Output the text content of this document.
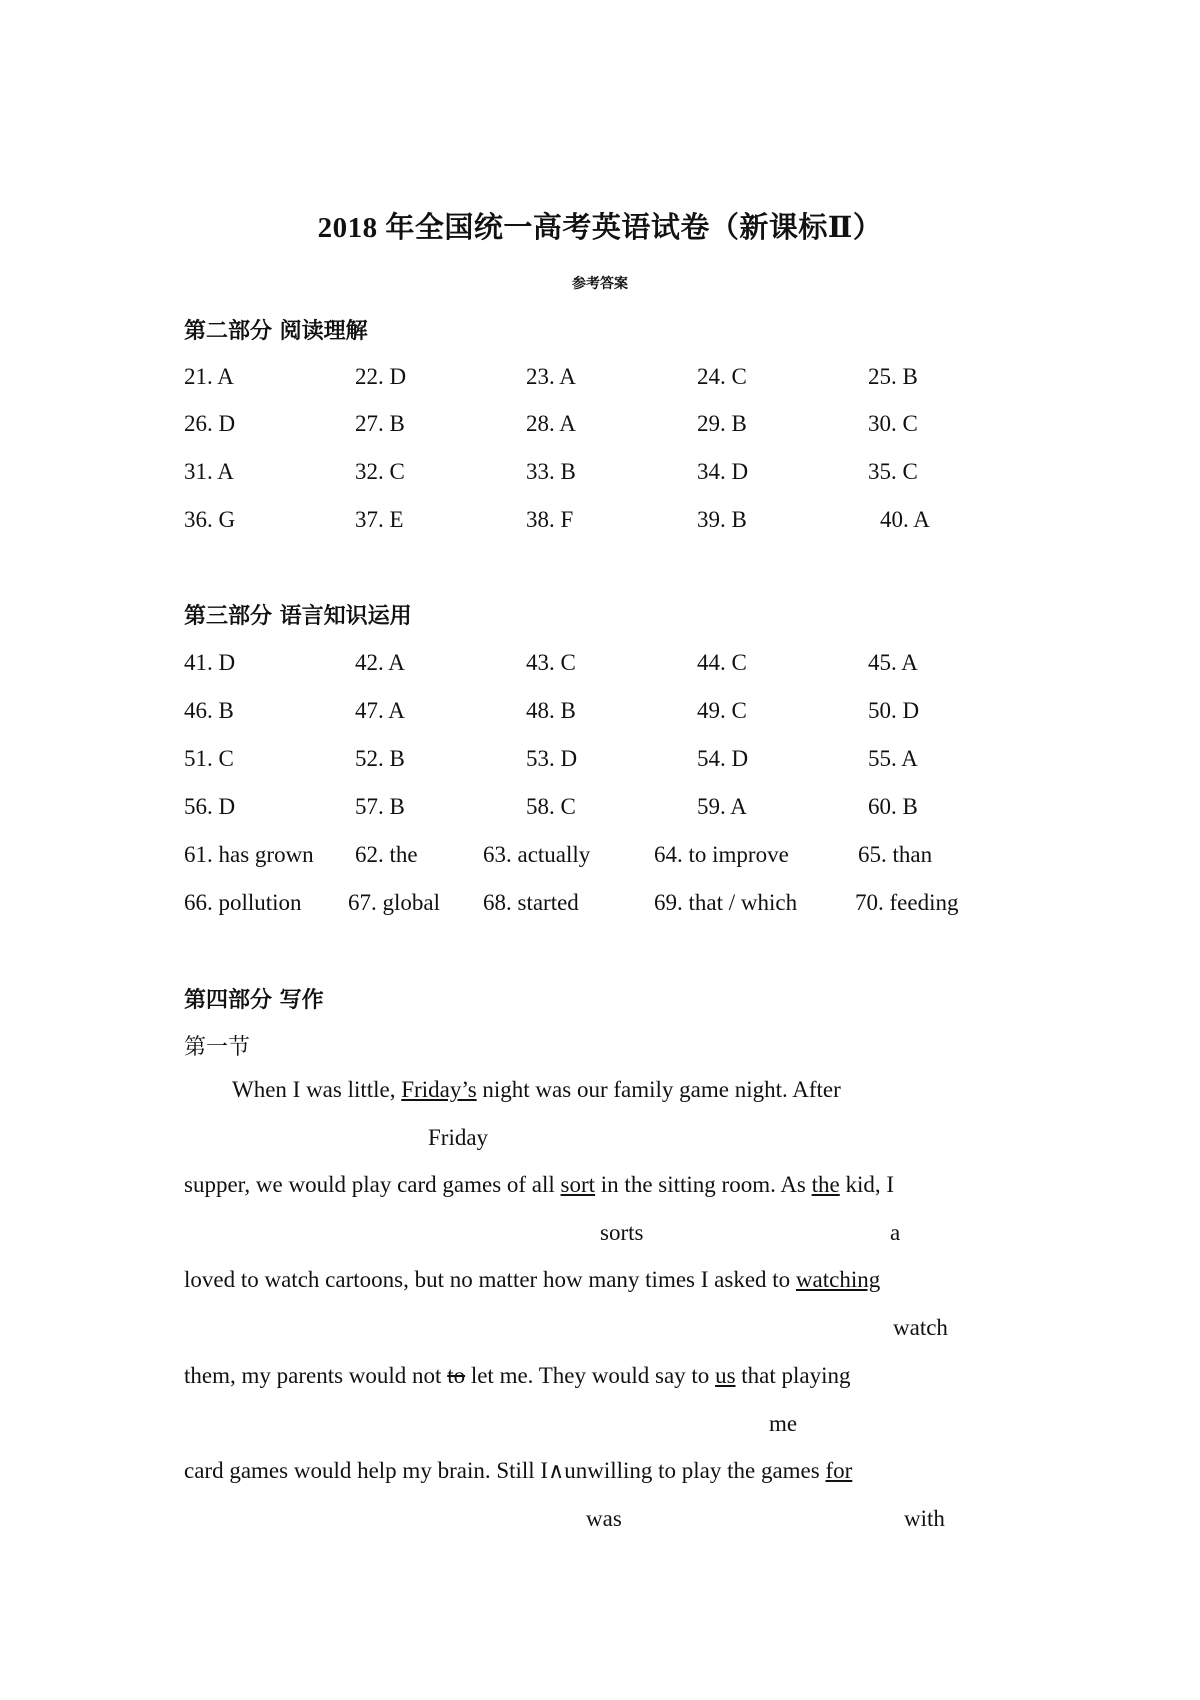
2018 年全国统一高考英语试卷（新课标Ⅱ）
参考答案
第二部分 阅读理解
21. A	22. D	23. A	24. C	25. B
26. D	27. B	28. A	29. B	30. C
31. A	32. C	33. B	34. D	35. C
36. G	37. E	38. F	39. B	40. A
第三部分 语言知识运用
41. D	42. A	43. C	44. C	45. A
46. B	47. A	48. B	49. C	50. D
51. C	52. B	53. D	54. D	55. A
56. D	57. B	58. C	59. A	60. B
61. has grown 62. the	63. actually	64. to improve	65. than
66. pollution 67. global 68. started	69. that / which	70. feeding
第四部分 写作
第一节
When I was little, Friday’s night was our family game night. After
Friday
supper, we would play card games of all sort in the sitting room. As the kid, I
sorts	a
loved to watch cartoons, but no matter how many times I asked to watching
watch
them, my parents would not to let me. They would say to us that playing
me
card games would help my brain. Still I∧unwilling to play the games for
was	with
